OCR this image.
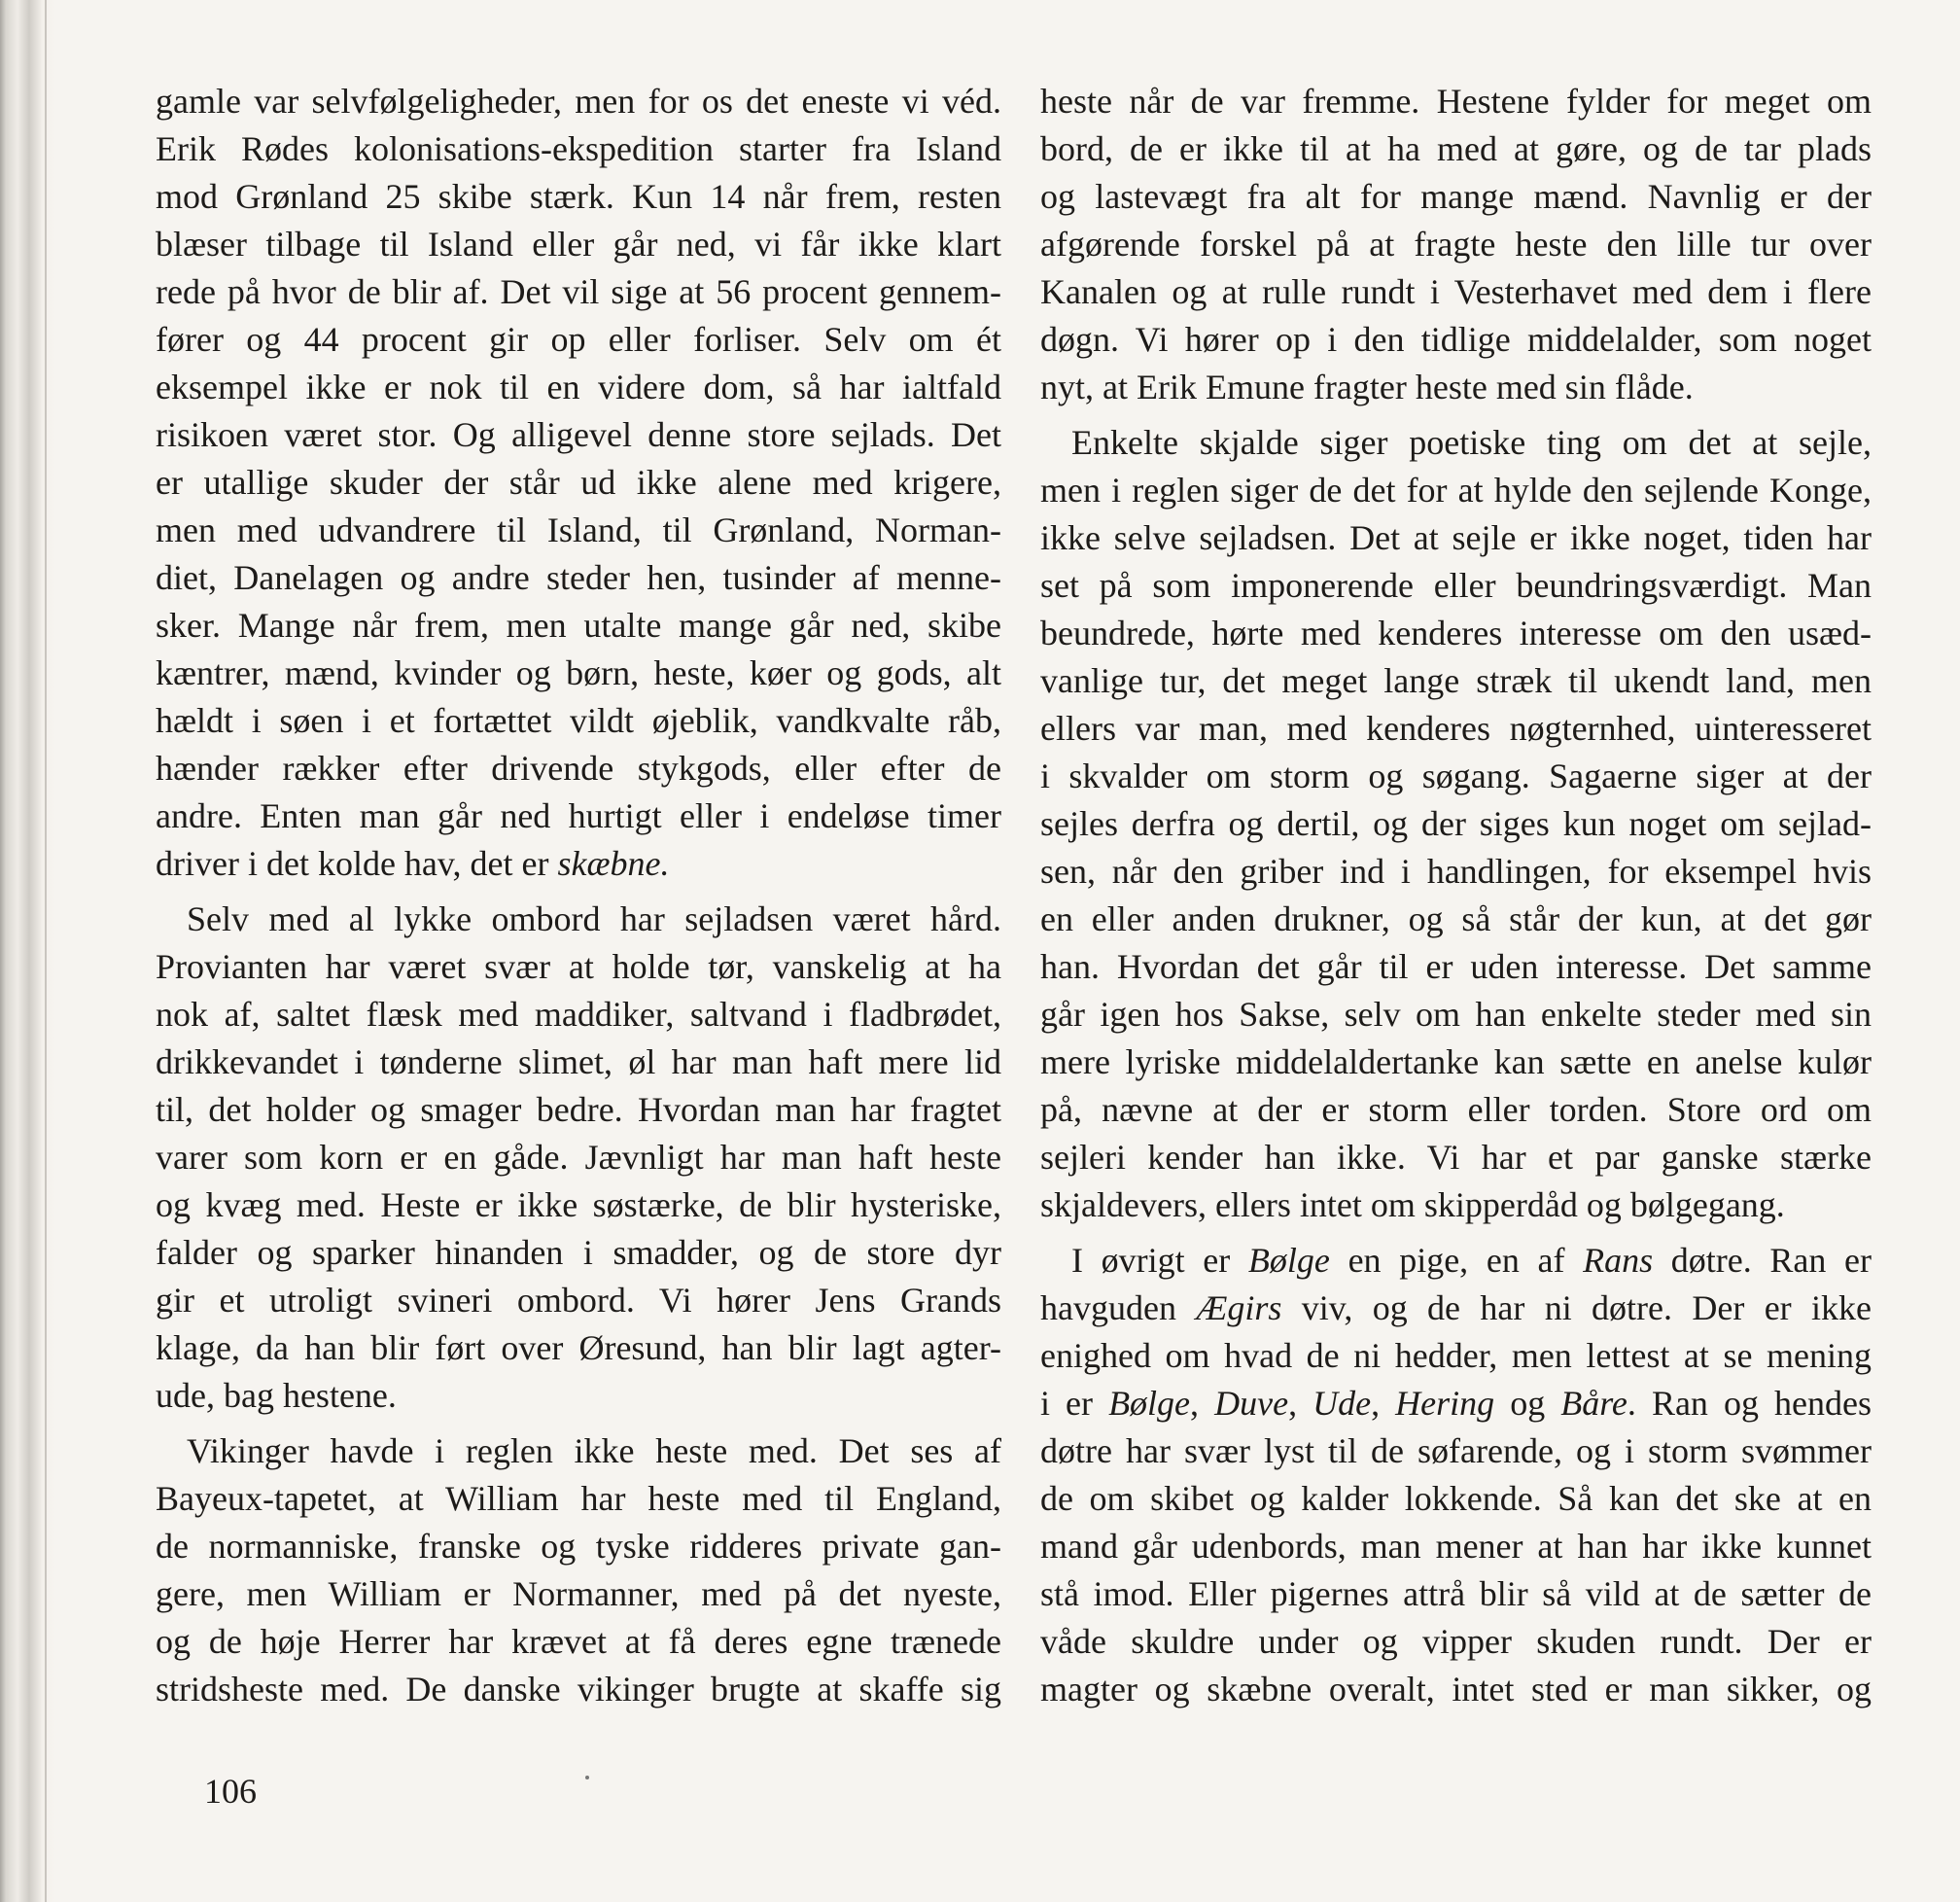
gamle var selvfølgeligheder, men for os det eneste vi véd.
Erik Rødes kolonisations-ekspedition starter fra Island
mod Grønland 25 skibe stærk. Kun 14 når frem, resten
blæser tilbage til Island eller går ned, vi får ikke klart
rede på hvor de blir af. Det vil sige at 56 procent gennem-
fører og 44 procent gir op eller forliser. Selv om ét
eksempel ikke er nok til en videre dom, så har ialtfald
risikoen været stor. Og alligevel denne store sejlads. Det
er utallige skuder der står ud ikke alene med krigere,
men med udvandrere til Island, til Grønland, Norman-
diet, Danelagen og andre steder hen, tusinder af menne-
sker. Mange når frem, men utalte mange går ned, skibe
kæntrer, mænd, kvinder og børn, heste, køer og gods, alt
hældt i søen i et fortættet vildt øjeblik, vandkvalte råb,
hænder rækker efter drivende stykgods, eller efter de
andre. Enten man går ned hurtigt eller i endeløse timer
driver i det kolde hav, det er skæbne.

Selv med al lykke ombord har sejladsen været hård.
Provianten har været svær at holde tør, vanskelig at ha
nok af, saltet flæsk med maddiker, saltvand i fladbrødet,
drikkevandet i tønderne slimet, øl har man haft mere lid
til, det holder og smager bedre. Hvordan man har fragtet
varer som korn er en gåde. Jævnligt har man haft heste
og kvæg med. Heste er ikke søstærke, de blir hysteriske,
falder og sparker hinanden i smadder, og de store dyr
gir et utroligt svineri ombord. Vi hører Jens Grands
klage, da han blir ført over Øresund, han blir lagt agter-
ude, bag hestene.

Vikinger havde i reglen ikke heste med. Det ses af
Bayeux-tapetet, at William har heste med til England,
de normanniske, franske og tyske ridderes private gan-
gere, men William er Normanner, med på det nyeste,
og de høje Herrer har krævet at få deres egne trænede
stridsheste med. De danske vikinger brugte at skaffe sig

heste når de var fremme. Hestene fylder for meget om
bord, de er ikke til at ha med at gøre, og de tar plads
og lastevægt fra alt for mange mænd. Navnlig er der
afgørende forskel på at fragte heste den lille tur over
Kanalen og at rulle rundt i Vesterhavet med dem i flere
døgn. Vi hører op i den tidlige middelalder, som noget
nyt, at Erik Emune fragter heste med sin flåde.

Enkelte skjalde siger poetiske ting om det at sejle,
men i reglen siger de det for at hylde den sejlende Konge,
ikke selve sejladsen. Det at sejle er ikke noget, tiden har
set på som imponerende eller beundringsværdigt. Man
beundrede, hørte med kenderes interesse om den usæd-
vanlige tur, det meget lange stræk til ukendt land, men
ellers var man, med kenderes nøgternhed, uinteresseret
i skvalder om storm og søgang. Sagaerne siger at der
sejles derfra og dertil, og der siges kun noget om sejlad-
sen, når den griber ind i handlingen, for eksempel hvis
en eller anden drukner, og så står der kun, at det gør
han. Hvordan det går til er uden interesse. Det samme
går igen hos Sakse, selv om han enkelte steder med sin
mere lyriske middelaldertanke kan sætte en anelse kulør
på, nævne at der er storm eller torden. Store ord om
sejleri kender han ikke. Vi har et par ganske stærke
skjaldevers, ellers intet om skipperdåd og bølgegang.

I øvrigt er Bølge en pige, en af Rans døtre. Ran er
havguden Ægirs viv, og de har ni døtre. Der er ikke
enighed om hvad de ni hedder, men lettest at se mening
i er Bølge, Duve, Ude, Hering og Båre. Ran og hendes
døtre har svær lyst til de søfarende, og i storm svømmer
de om skibet og kalder lokkende. Så kan det ske at en
mand går udenbords, man mener at han har ikke kunnet
stå imod. Eller pigernes attrå blir så vild at de sætter de
våde skuldre under og vipper skuden rundt. Der er
magter og skæbne overalt, intet sted er man sikker, og

106
